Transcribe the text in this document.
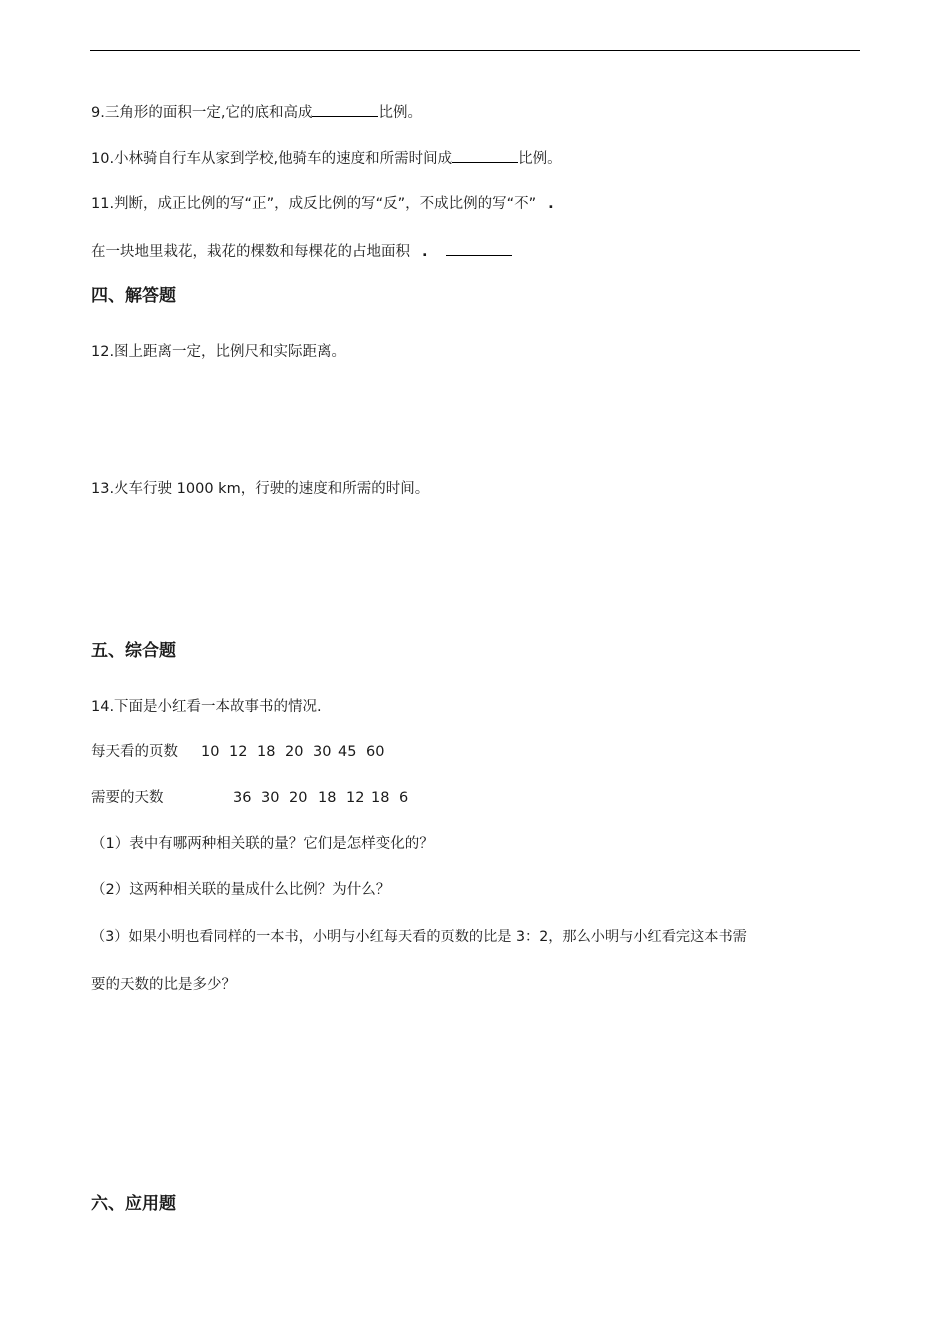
9.三角形的面积一定,它的底和高成	比例。
10.小林骑自行车从家到学校,他骑车的速度和所需时间成	比例。
11.判断，成正比例的写“正”，成反比例的写“反”，不成比例的写“不” .
在一块地里栽花，栽花的棵数和每棵花的占地面积 .
四、解答题
12.图上距离一定，比例尺和实际距离。
13.火车行驶 1000 km，行驶的速度和所需的时间。
五、综合题
14.下面是小红看一本故事书的情况.
每天看的页数 10 12 18 20 30 45 60
需要的天数	36 30 20 18 12 18 6
（1）表中有哪两种相关联的量？它们是怎样变化的？
（2）这两种相关联的量成什么比例？为什么？
（3）如果小明也看同样的一本书，小明与小红每天看的页数的比是 3：2，那么小明与小红看完这本书需
要的天数的比是多少？
六、应用题
